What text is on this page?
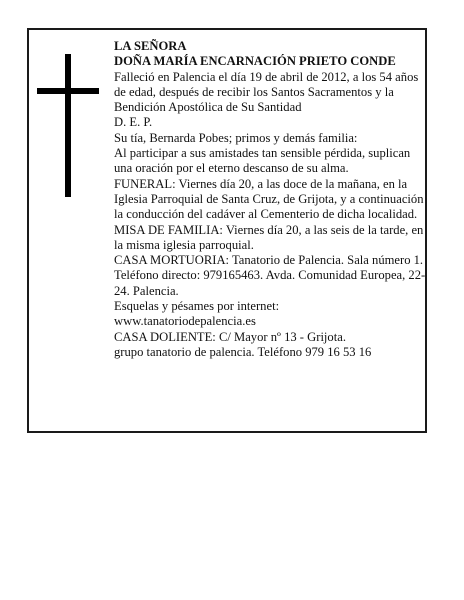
LA SEÑORA

DOÑA MARÍA ENCARNACIÓN PRIETO CONDE

Falleció en Palencia el día 19 de abril de 2012, a los 54 años de edad, después de recibir los Santos Sacramentos y la Bendición Apostólica de Su Santidad

D. E. P.

Su tía, Bernarda Pobes; primos y demás familia:

Al participar a sus amistades tan sensible pérdida, suplican una oración por el eterno descanso de su alma.

FUNERAL: Viernes día 20, a las doce de la mañana, en la Iglesia Parroquial de Santa Cruz, de Grijota, y a continuación la conducción del cadáver al Cementerio de dicha localidad.

MISA DE FAMILIA: Viernes día 20, a las seis de la tarde, en la misma iglesia parroquial.

CASA MORTUORIA: Tanatorio de Palencia. Sala número 1. Teléfono directo: 979165463. Avda. Comunidad Europea, 22-24. Palencia.

Esquelas y pésames por internet:

www.tanatoriodepalencia.es

CASA DOLIENTE: C/ Mayor nº 13 - Grijota.

grupo tanatorio de palencia. Teléfono 979 16 53 16
